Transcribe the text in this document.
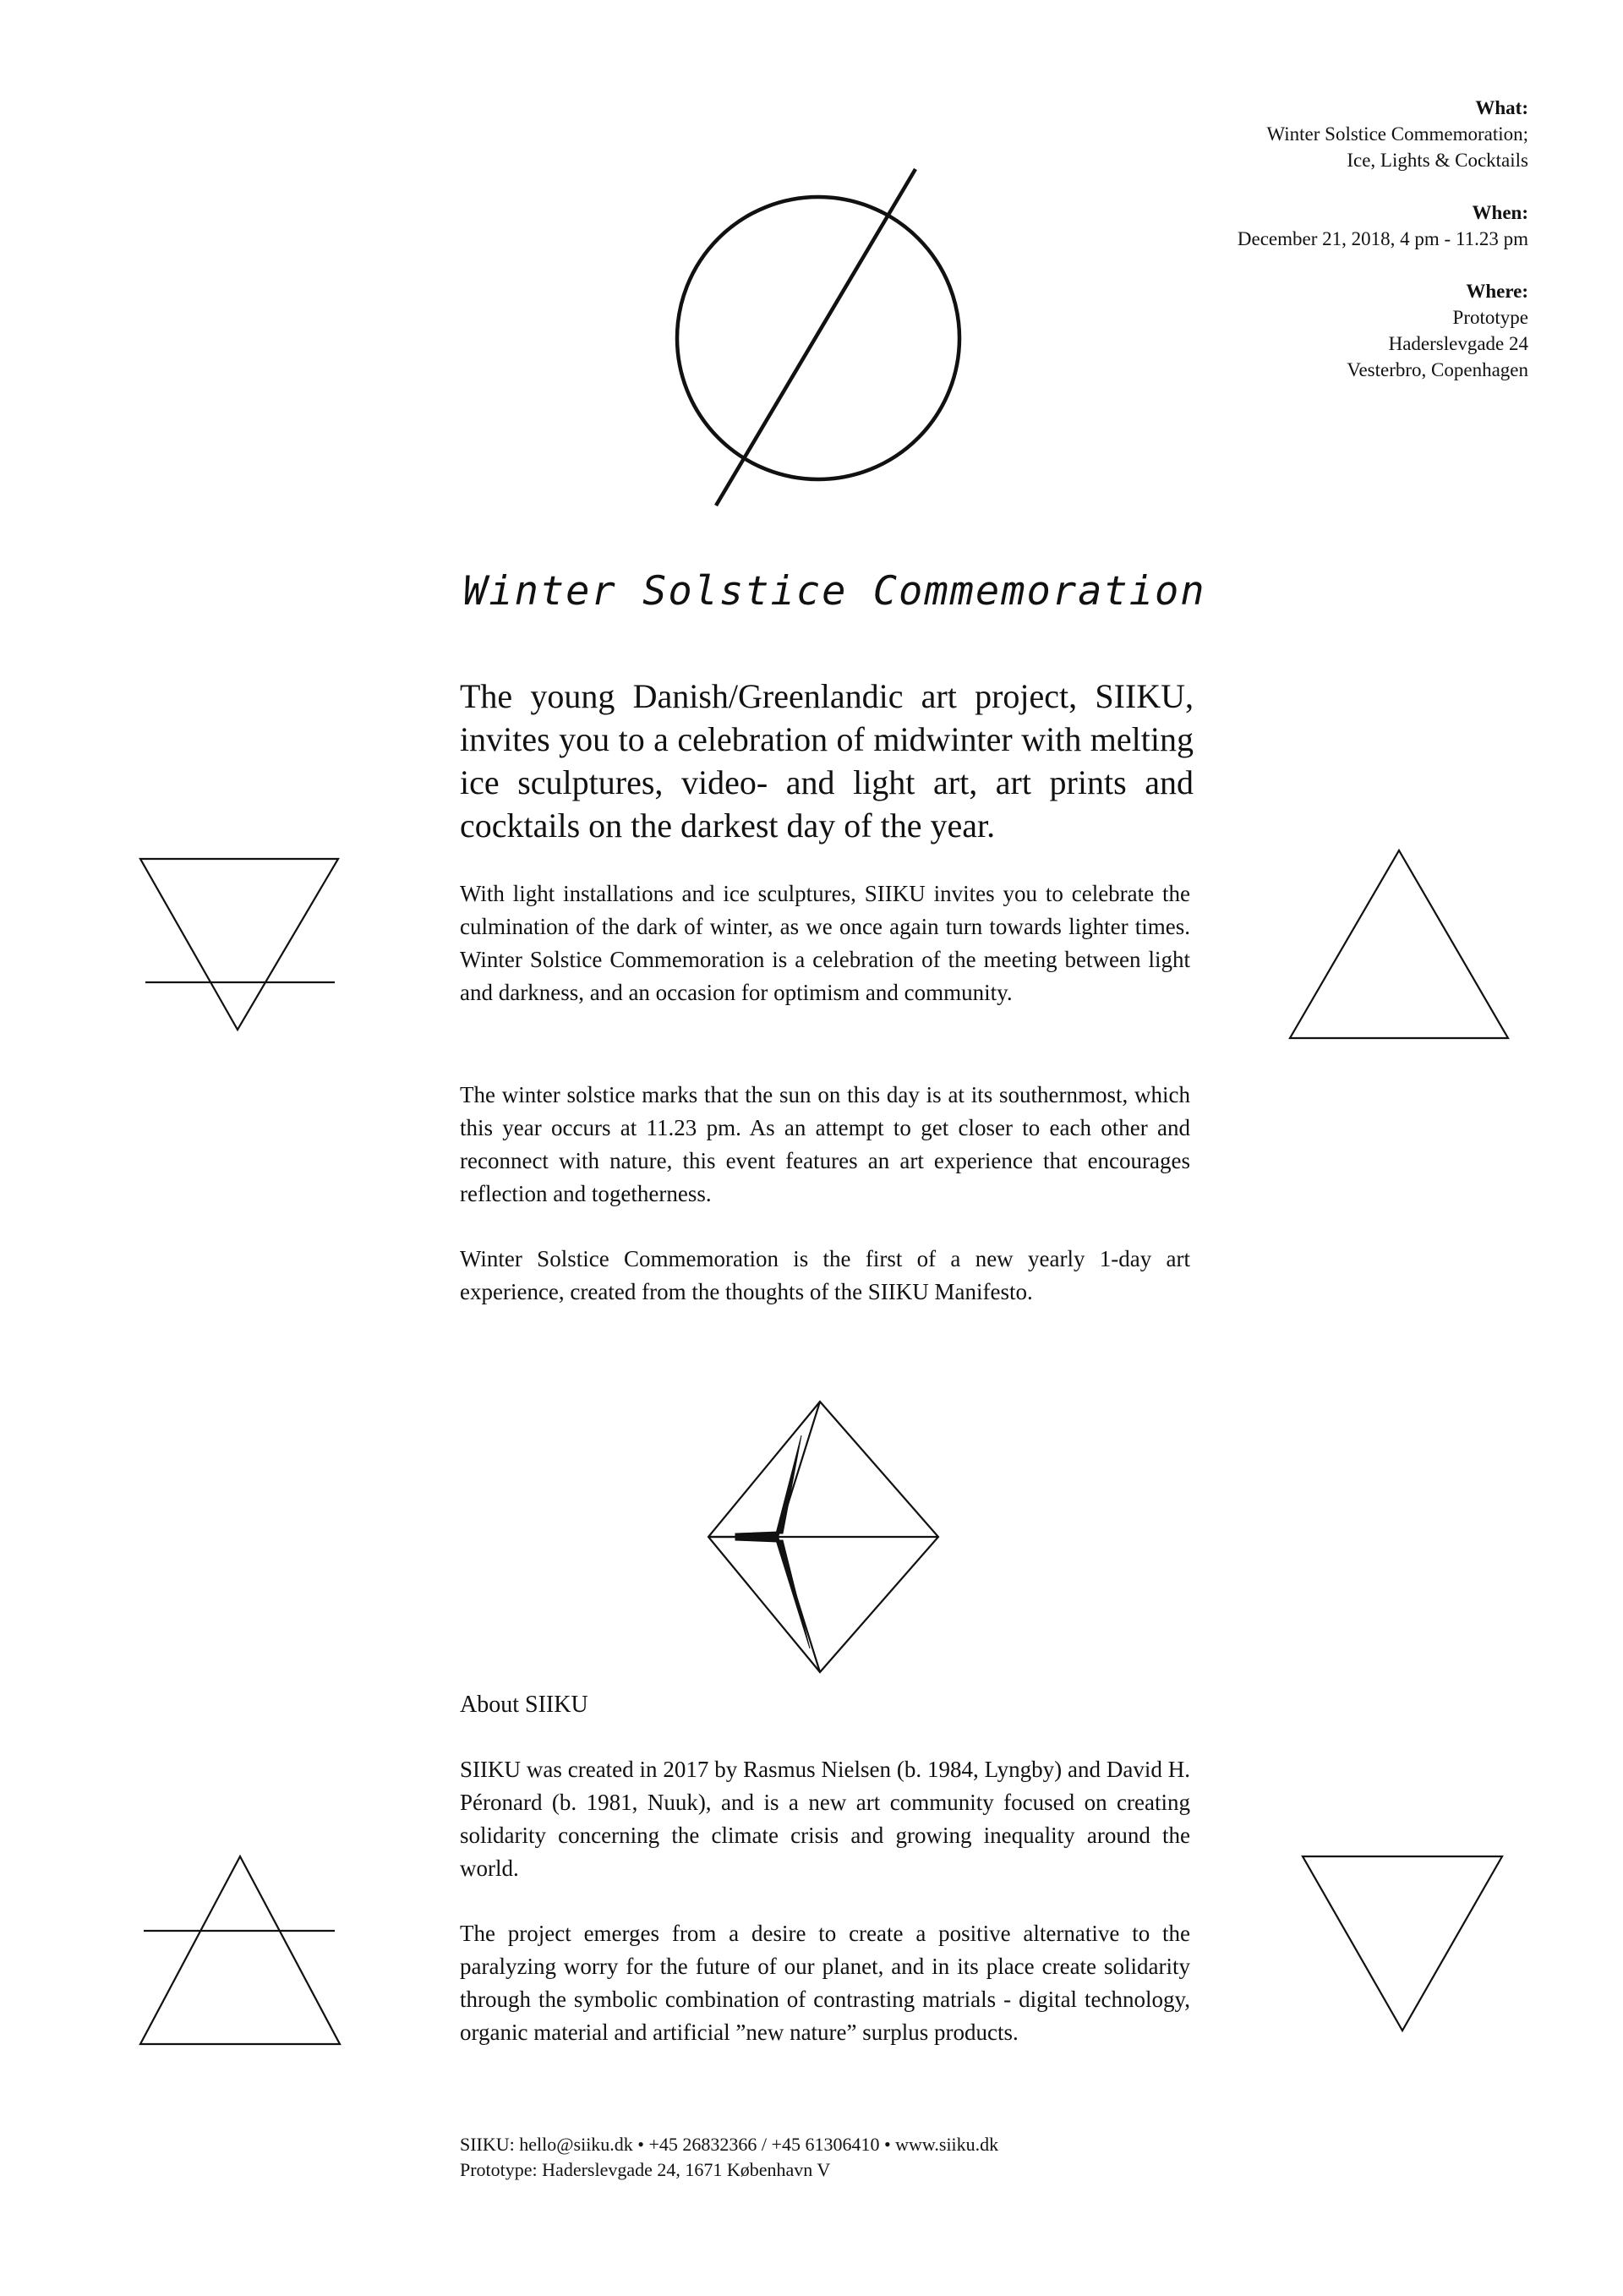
What:
Winter Solstice Commemoration;
Ice, Lights & Cocktails
When:
December 21, 2018, 4 pm - 11.23 pm
Where:
Prototype
Haderslevgade 24
Vesterbro, Copenhagen
Winter Solstice Commemoration
The young Danish/Greenlandic art project, SIIKU, invites you to a celebration of midwinter with melting ice sculptures, video- and light art, art prints and cocktails on the darkest day of the year.

With light installations and ice sculptures, SIIKU invites you to celebrate the culmination of the dark of winter, as we once again turn towards lighter times. Winter Solstice Commemoration is a celebration of the meeting between light and darkness, and an occasion for optimism and community.

The winter solstice marks that the sun on this day is at its southernmost, which this year occurs at 11.23 pm. As an attempt to get closer to each other and reconnect with nature, this event features an art experience that encourages reflection and togetherness.

Winter Solstice Commemoration is the first of a new yearly 1-day art experience, created from the thoughts of the SIIKU Manifesto.

About SIIKU

SIIKU was created in 2017 by Rasmus Nielsen (b. 1984, Lyngby) and David H. Péronard (b. 1981, Nuuk), and is a new art community focused on creating solidarity concerning the climate crisis and growing inequality around the world.

The project emerges from a desire to create a positive alternative to the paralyzing worry for the future of our planet, and in its place create solidarity through the symbolic combination of contrasting matrials - digital technology, organic material and artificial ”new nature” surplus products.

SIIKU: hello@siiku.dk • +45 26832366 / +45 61306410 • www.siiku.dk
Prototype: Haderslevgade 24, 1671 København V
